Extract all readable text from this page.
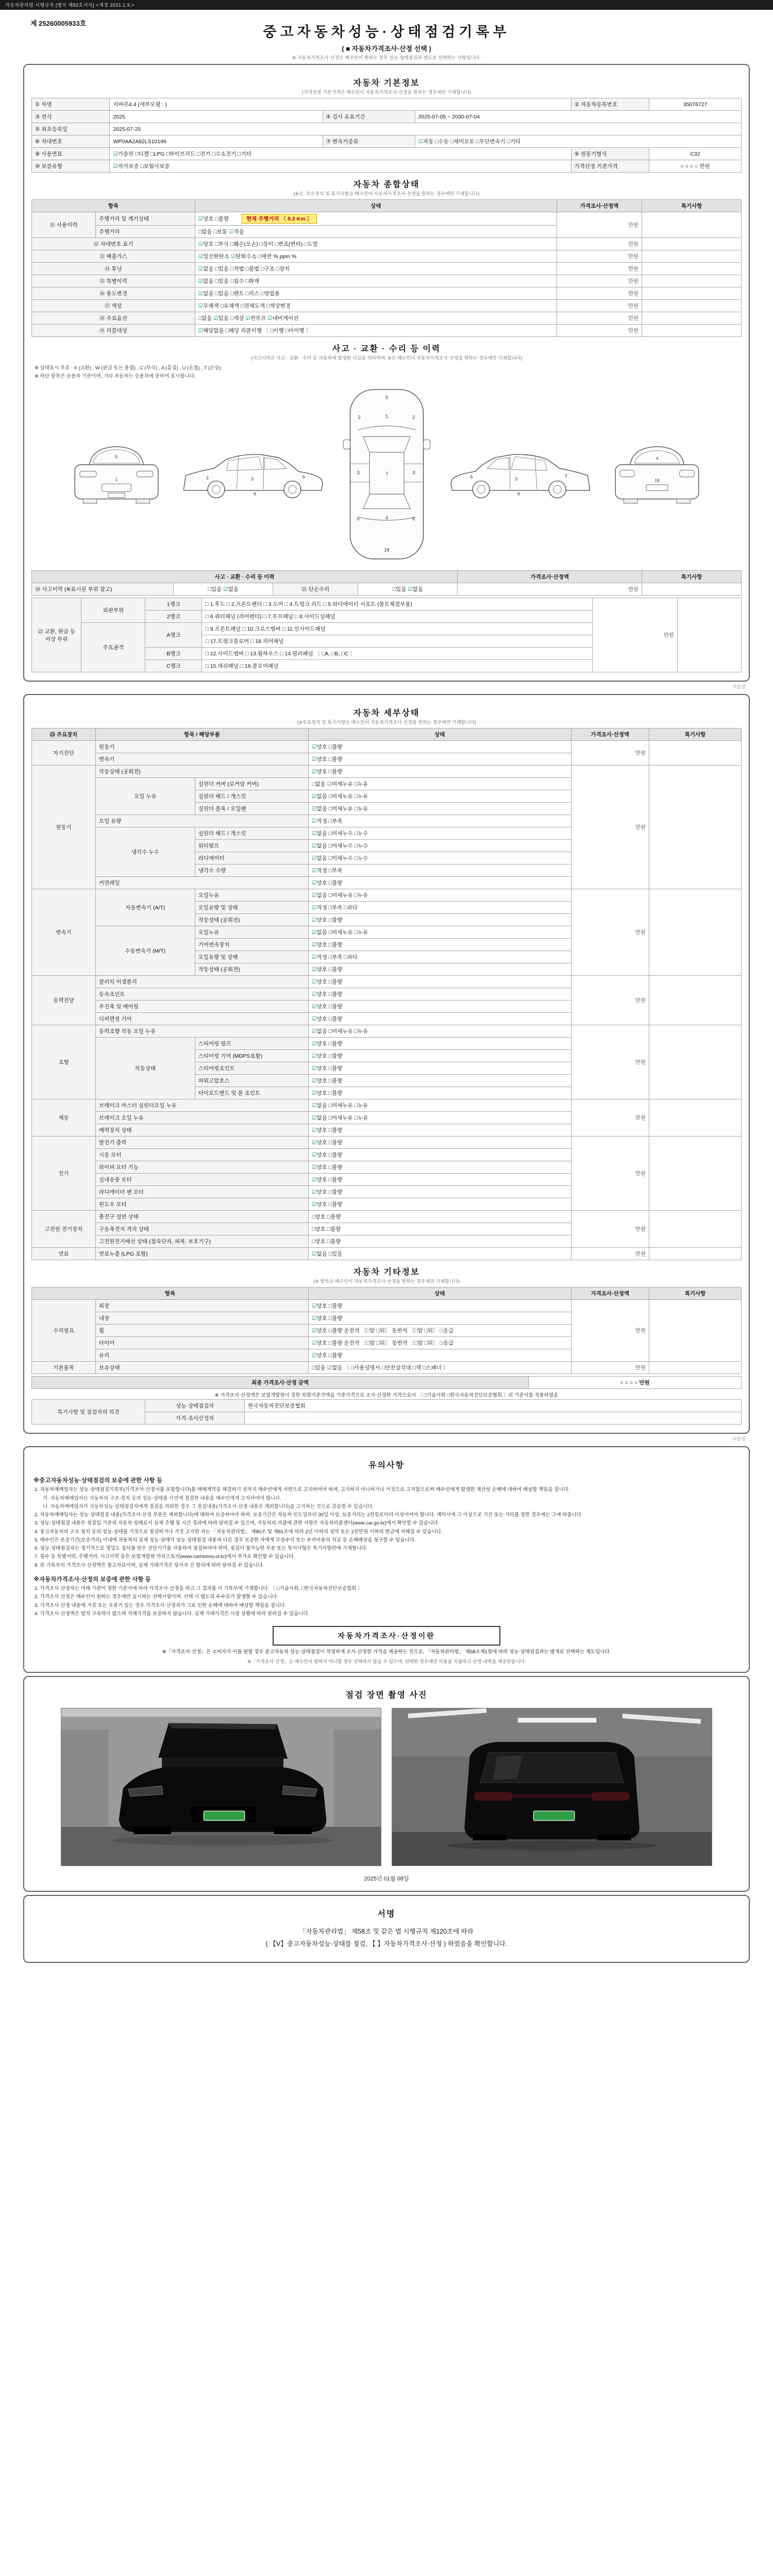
자동차관리법 시행규칙 [별지 제82호서식] <개정 2021.1.9.>
제 25260005933호
중고자동차성능·상태점검기록부
( ■ 자동차가격조사·산정 선택 )
※ 자동차가격조사·산정은 매수인이 원하는 경우 성능·상태점검과 별도로 선택하는 사항입니다.
자동차 기본정보
(가격산정 기준가격은 매수인이 자동차가격조사·산정을 원하는 경우에만 기재합니다)
① 차명	지바루4.4 (세부모델 : )			② 자동차등록번호	35076727
③ 연식	2025	④ 검사 유효기간	2025-07-05 ~ 2030-07-04		
⑤ 최초등록일	2025-07-25				
⑥ 차대번호	WP0AA2A82LS10199	⑦ 변속기종류	☑자동 □수동 □세미오토 □무단변속기 □기타		
⑧ 사용연료	☑가솔린 □디젤 □LPG □하이브리드 □전기 □수소전기 □기타			⑨ 원동기형식	C32
⑩ 보증유형	☑자가보증 □보험사보증			가격산정 기준가격	○ ○ ○ ○ 만원
자동차 종합상태
(※은, 주요장치 및 특기사항은 매수인이 자동차가격조사·산정을 원하는 경우에만 기재합니다)
항목		상태	가격조사·산정액	특기사항
⑪ 사용이력	주행거리 및 계기상태	☑양호 □불량 현재 주행거리 〔 8.2 Km 〕	만원	
	주행거리	□많음 □보통 ☑적음		
⑫ 차대번호 표기		☑양호 □부식 □훼손(오손) □상이 □변조(변타) □도말	만원	
⑬ 배출가스		☑일산화탄소 ☑탄화수소 □매연 % ppm %	만원	
⑭ 튜닝		☑없음 □있음 □적법 □불법 □구조 □장치	만원	
⑮ 특별이력		☑없음 □있음 □침수 □화재	만원	
⑯ 용도변경		☑없음 □있음 □렌트 □리스 □영업용	만원	
⑰ 색상		☑무채색 □유채색 □전체도색 □색상변경	만원	
⑱ 주요옵션		□없음 ☑있음 □색상 ☑썬루프 ☑네비게이션	만원	
⑲ 리콜대상		☑해당없음 □해당 리콜이행 〔 □이행 □미이행 〕	만원	
사고 · 교환 · 수리 등 이력
(사고이력은 사고 · 교환 · 수리 등 자동차에 발생한 사실을 의미하며, ※은 매수인이 자동차가격조사·산정을 원하는 경우에만 기재합니다)
※ 상태표시 부호 : X (교환) , W (판금 또는 용접) , C (부식) , A (흠집) , U (요철) , T (손상)
※ 하단 항목은 승용차 기준이며, 기타 자동차는 승용차에 준하여 표시합니다.
5
1	2	3	6
8
5
1
7
4
18
2	2
3	3
6	6
3
6	2
8
4
18
사고 · 교환 · 수리 등 이력				가격조사·산정액	특기사항
⑳ 사고이력 (※표시된 부위 참고)	□있음 ☑없음	㉑ 단순수리	□있음 ☑없음	만원	
㉒ 교환, 판금 등 이상 부위	외판부위	1랭크	□ 1.후드 □ 2.프론트펜더 □ 3.도어 □ 4.트렁크 리드 □ 5.라디에이터 서포트 (볼트체결부품)	만원	
		2랭크	□ 6.쿼터패널 (리어펜더) □ 7.루프패널 □ 8.사이드실패널		
	주요골격	A랭크	□ 9.프론트패널 □ 10.크로스멤버 □ 11.인사이드패널		
			□ 17.트렁크플로어 □ 18.리어패널		
		B랭크	□ 12.사이드멤버 □ 13.휠하우스 □ 14.필러패널 〔 □A, □B, □C 〕		
		C랭크	□ 15.대쉬패널 □ 16.플로어패널		
다음장
자동차 세부상태
(※주요장치 및 특기사항은 매수인이 자동차가격조사·산정을 원하는 경우에만 기재합니다)
㉓ 주요장치	항목 / 해당부품		상태	가격조사·산정액	특기사항
자기진단	원동기		☑양호 □불량	만원	
	변속기		☑양호 □불량		
원동기	작동상태 (공회전)		☑양호 □불량	만원	
	오일 누유	실린더 커버 (로커암 커버)	□없음 ☑미세누유 □누유		
		실린더 헤드 / 개스킷	☑없음 □미세누유 □누유		
		실린더 블록 / 오일팬	☑없음 □미세누유 □누유		
	오일 유량		☑적정 □부족		
	냉각수 누수	실린더 헤드 / 개스킷	☑없음 □미세누수 □누수		
		워터펌프	☑없음 □미세누수 □누수		
		라디에이터	☑없음 □미세누수 □누수		
		냉각수 수량	☑적정 □부족		
	커먼레일		☑양호 □불량		
변속기	자동변속기 (A/T)	오일누유	☑없음 □미세누유 □누유	만원	
		오일유량 및 상태	☑적정 □부족 □과다		
		작동상태 (공회전)	☑양호 □불량		
	수동변속기 (M/T)	오일누유	☑없음 □미세누유 □누유		
		기어변속장치	☑양호 □불량		
		오일유량 및 상태	☑적정 □부족 □과다		
		작동상태 (공회전)	☑양호 □불량		
동력전달	클러치 어셈블리		☑양호 □불량	만원	
	등속조인트		☑양호 □불량		
	추진축 및 베어링		☑양호 □불량		
	디퍼렌셜 기어		☑양호 □불량		
조향	동력조향 작동 오일 누유		☑없음 □미세누유 □누유	만원	
	작동상태	스티어링 펌프	☑양호 □불량		
		스티어링 기어 (MDPS포함)	☑양호 □불량		
		스티어링조인트	☑양호 □불량		
		파워고압호스	☑양호 □불량		
		타이로드엔드 및 볼 조인트	☑양호 □불량		
제동	브레이크 마스터 실린더오일 누유		☑없음 □미세누유 □누유	만원	
	브레이크 오일 누유		☑없음 □미세누유 □누유		
	배력장치 상태		☑양호 □불량		
전기	발전기 출력		☑양호 □불량	만원	
	시동 모터		☑양호 □불량		
	와이퍼 모터 기능		☑양호 □불량		
	실내송풍 모터		☑양호 □불량		
	라디에이터 팬 모터		☑양호 □불량		
	윈도우 모터		☑양호 □불량		
고전원 전기장치	충전구 절연 상태		□양호 □불량	만원	
	구동축전지 격리 상태		□양호 □불량		
	고전원전기배선 상태 (접속단자, 피복, 보호기구)		□양호 □불량		
연료	연료누출 (LPG 포함)		☑없음 □있음	만원	
자동차 기타정보
(※ 항목은 매수인이 자동차가격조사·산정을 원하는 경우에만 기재합니다)
항목		상태	가격조사·산정액	특기사항
수리필요	외장	☑양호 □불량	만원	
	내장	☑양호 □불량		
	휠	☑양호 □불량 운전석 〔□앞 □뒤〕 동반석 〔□앞 □뒤〕 □응급		
	타이어	☑양호 □불량 운전석 〔□앞 □뒤〕 동반석 〔□앞 □뒤〕 □응급		
	유리	☑양호 □불량		
기본품목	보유상태	□있음 ☑없음 〔 □사용설명서 □안전삼각대 □잭 □스패너 〕	만원	
최종 가격조사·산정 금액	○ ○ ○ ○ 만원
※ 가격조사·산정액은 보험개발원이 정한 차량기준가액을 기준가격으로 조사·산정한 가격으로서 〔 □기술사회 □한국자동차진단보증협회 〕의 기준서를 적용하였음
특기사항 및 점검자의 의견	성능·상태점검자	한국자동차진단보증협회
	가격·조사산정자	
다음장
유의사항
※중고자동차성능·상태점검의 보증에 관한 사항 등
1. 자동차매매업자는 성능·상태점검기록부(가격조사·산정서를 포함합니다)를 매매계약을 체결하기 전까지 매수인에게 서면으로 고지하여야 하며, 고지하지 아니하거나 거짓으로 고지함으로써 매수인에게 발생한 재산상 손해에 대하여 배상할 책임을 집니다.
가. 자동차매매업자는 자동차의 구조·장치 등의 성능·상태를 사전에 점검한 내용을 매수인에게 고지하여야 합니다.
나. 자동차매매업자가 자동차성능·상태점검자에게 점검을 의뢰한 경우 그 점검내용(가격조사·산정 내용은 제외합니다)을 고지하는 것으로 갈음할 수 있습니다.
2. 자동차매매업자는 성능·상태점검 내용(가격조사·산정 부분은 제외합니다)에 대하여 보증하여야 하며, 보증기간은 자동차 인도일부터 30일 이상, 보증거리는 2천킬로미터 이상이어야 합니다. 계약서에 그 이상으로 기간 또는 거리를 정한 경우에는 그에 따릅니다.
3. 성능·상태점검 내용은 점검일 기준의 자동차 상태로서 실제 주행 및 시간 경과에 따라 달라질 수 있으며, 자동차의 리콜에 관한 사항은 자동차리콜센터(www.car.go.kr)에서 확인할 수 있습니다.
4. 중고자동차의 구조·장치 등의 성능·상태를 거짓으로 점검하거나 거짓 고지한 자는 「자동차관리법」 제80조 및 제81조에 따라 2년 이하의 징역 또는 2천만원 이하의 벌금에 처해질 수 있습니다.
5. 매수인은 보증기간(보증거리) 이내에 자동차의 실제 성능·상태가 성능·상태점검 내용과 다른 경우 보증한 자에게 무상수리 또는 수리비용의 지급 등 손해배상을 청구할 수 있습니다.
6. 성능·상태점검자는 정기적으로 정밀도 검사를 받은 진단기기를 사용하여 점검하여야 하며, 점검이 불가능한 부분 또는 특이사항은 특기사항란에 기재합니다.
7. 침수 등 특별이력, 주행거리, 사고이력 등은 보험개발원 카히스토리(www.carhistory.or.kr)에서 추가로 확인할 수 있습니다.
8. 본 기록부의 가격조사·산정액은 참고자료이며, 실제 거래가격은 당사자 간 합의에 따라 달라질 수 있습니다.
※자동차가격조사·산정의 보증에 관한 사항 등
1. 가격조사·산정자는 아래 기관이 정한 기준서에 따라 가격조사·산정을 하고 그 결과를 이 기록부에 기재합니다. 〔 □기술사회, □한국자동차진단보증협회 〕
2. 가격조사·산정은 매수인이 원하는 경우에만 실시하는 선택사항이며, 선택 시 별도의 수수료가 발생할 수 있습니다.
3. 가격조사·산정 내용에 거짓 또는 오류가 있는 경우 가격조사·산정자가 그로 인한 손해에 대하여 배상할 책임을 집니다.
4. 가격조사·산정액은 법적 구속력이 없으며 거래가격을 보증하지 않습니다. 실제 거래가격은 시장 상황에 따라 달라질 수 있습니다.
자동차가격조사·산정이란
※「가격조사·산정」은 소비자가 이를 원할 경우 중고자동차 성능·상태점검이 적정하게 조사·산정한 가격을 제공하는 것으로, 「자동차관리법」 제58조제1항에 따라 성능·상태점검과는 별개로 선택하는 제도입니다.
※「가격조사·산정」은 매수인이 원하지 아니할 경우 선택하지 않을 수 있으며, 선택한 경우에만 비용을 지불하고 산정 내역을 제공받습니다.
점검 장면 촬영 사진
2025년 01월 08일
서명
「자동차관리법」 제58조 및 같은 법 시행규칙 제120조에 따라
( 【Ⅴ】중고자동차성능·상태를 점검, 【 】자동차가격조사·산정 ) 하였음을 확인합니다.
